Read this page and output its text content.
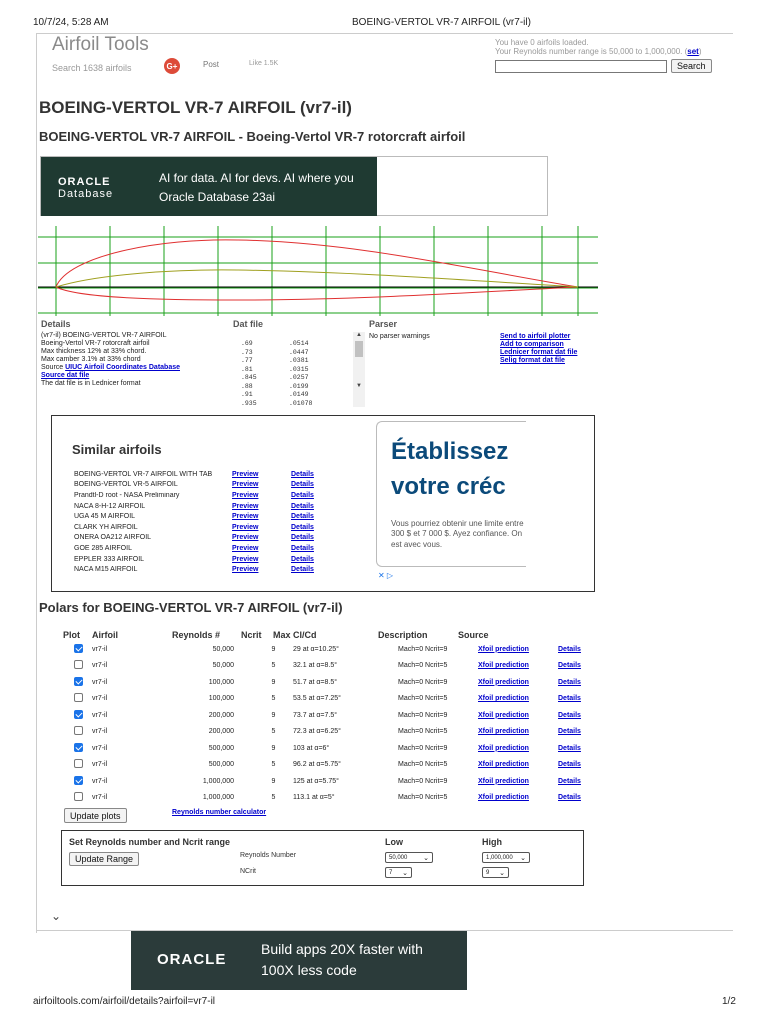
10/7/24, 5:28 AM	BOEING-VERTOL VR-7 AIRFOIL (vr7-il)
Airfoil Tools
Search 1638 airfoils	G+	Post	Like 1.5K
You have 0 airfoils loaded.
Your Reynolds number range is 50,000 to 1,000,000. (set)
Search
BOEING-VERTOL VR-7 AIRFOIL (vr7-il)
BOEING-VERTOL VR-7 AIRFOIL - Boeing-Vertol VR-7 rotorcraft airfoil
ORACLE
Database
AI for data. AI for devs. AI where you
Oracle Database 23ai
Details
(vr7-il) BOEING-VERTOL VR-7 AIRFOIL
Boeing-Vertol VR-7 rotorcraft airfoil
Max thickness 12% at 33% chord.
Max camber 3.1% at 33% chord
Source UIUC Airfoil Coordinates Database
Source dat file
The dat file is in Lednicer format
Dat file
.69	.0514
.73	.0447
.77	.0381
.81	.0315
.845	.0257
.88	.0199
.91	.0149
.935	.01078
▲
▼
Parser
No parser warnings	Send to airfoil plotter
Add to comparison
Lednicer format dat file
Selig format dat file
Similar airfoils
BOEING-VERTOL VR-7 AIRFOIL WITH TAB	Preview	Details
BOEING-VERTOL VR-5 AIRFOIL	Preview	Details
Prandtl-D root - NASA Preliminary	Preview	Details
NACA 8-H-12 AIRFOIL	Preview	Details
UGA 45 M AIRFOIL	Preview	Details
CLARK YH AIRFOIL	Preview	Details
ONERA OA212 AIRFOIL	Preview	Details
GOE 285 AIRFOIL	Preview	Details
EPPLER 333 AIRFOIL	Preview	Details
NACA M15 AIRFOIL	Preview	Details
Établissez
votre créc
Vous pourriez obtenir une limite entre 300 $ et 7 000 $. Ayez confiance. On est avec vous.
✕ ▷
Polars for BOEING-VERTOL VR-7 AIRFOIL (vr7-il)
Plot Airfoil	Reynolds # Ncrit Max Cl/Cd	Description	Source
vr7-il	50,000	9	29 at α=10.25°	Mach=0 Ncrit=9	Xfoil prediction	Details
vr7-il	50,000	5	32.1 at α=8.5°	Mach=0 Ncrit=5	Xfoil prediction	Details
vr7-il	100,000	9	51.7 at α=8.5°	Mach=0 Ncrit=9	Xfoil prediction	Details
vr7-il	100,000	5	53.5 at α=7.25°	Mach=0 Ncrit=5	Xfoil prediction	Details
vr7-il	200,000	9	73.7 at α=7.5°	Mach=0 Ncrit=9	Xfoil prediction	Details
vr7-il	200,000	5	72.3 at α=6.25°	Mach=0 Ncrit=5	Xfoil prediction	Details
vr7-il	500,000	9	103 at α=6°	Mach=0 Ncrit=9	Xfoil prediction	Details
vr7-il	500,000	5	96.2 at α=5.75°	Mach=0 Ncrit=5	Xfoil prediction	Details
vr7-il	1,000,000	9	125 at α=5.75°	Mach=0 Ncrit=9	Xfoil prediction	Details
vr7-il	1,000,000	5	113.1 at α=5°	Mach=0 Ncrit=5	Xfoil prediction	Details
Update plots	Reynolds number calculator
Set Reynolds number and Ncrit range
Update Range
Low	High
Reynolds Number
NCrit
50,000 ⌄	1,000,000 ⌄
7 ⌄	9 ⌄
⌄
ORACLE
Build apps 20X faster with
100X less code
airfoiltools.com/airfoil/details?airfoil=vr7-il	1/2
